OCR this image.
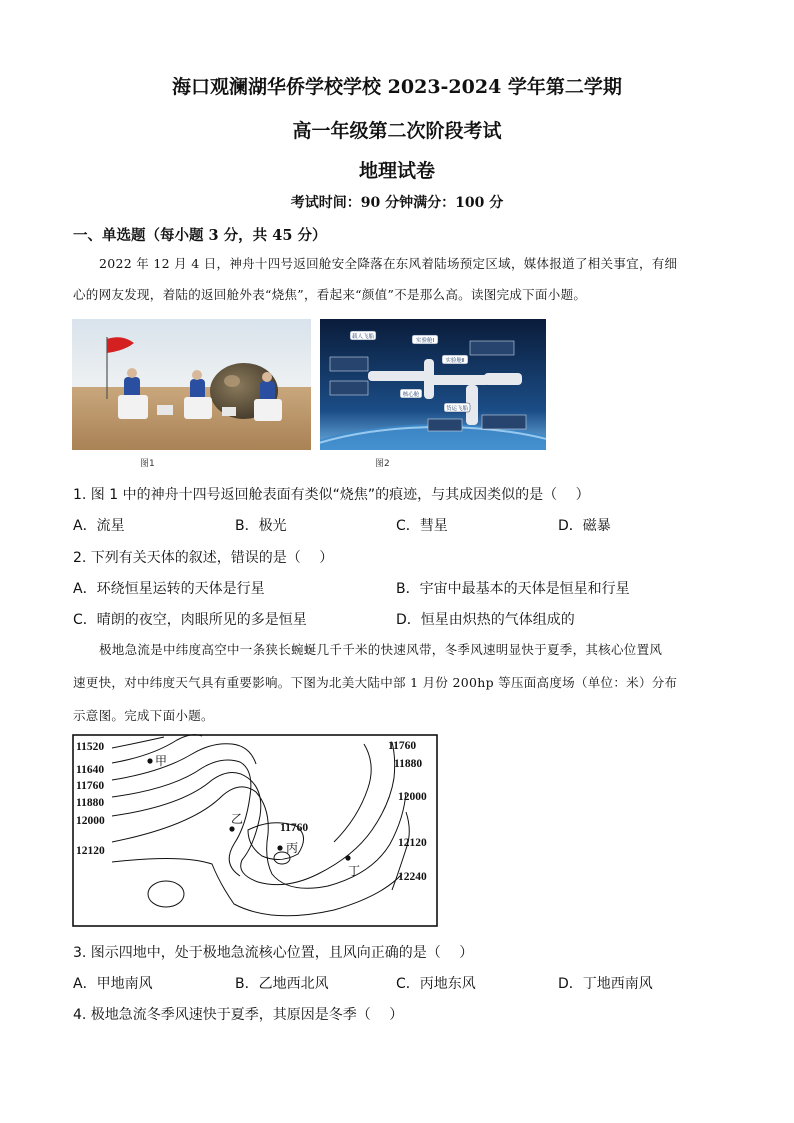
海口观澜湖华侨学校学校 2023-2024 学年第二学期
高一年级第二次阶段考试
地理试卷
考试时间：90 分钟满分：100 分
一、单选题（每小题 3 分，共 45 分）
2022 年 12 月 4 日，神舟十四号返回舱安全降落在东风着陆场预定区域，媒体报道了相关事宜，有细
心的网友发现，着陆的返回舱外表“烧焦”，看起来“颜值”不是那么高。读图完成下面小题。
图1
载人飞船
实验舱Ⅰ
实验舱Ⅱ
核心舱
货运飞船
图2
1. 图 1 中的神舟十四号返回舱表面有类似“烧焦”的痕迹，与其成因类似的是（　 ）
A．流星	B．极光	C．彗星	D．磁暴
2. 下列有关天体的叙述，错误的是（　 ）
A．环绕恒星运转的天体是行星	B．宇宙中最基本的天体是恒星和行星
C．晴朗的夜空，肉眼所见的多是恒星	D．恒星由炽热的气体组成的
极地急流是中纬度高空中一条狭长蜿蜒几千千米的快速风带，冬季风速明显快于夏季，其核心位置风
速更快，对中纬度天气具有重要影响。下图为北美大陆中部 1 月份 200hp 等压面高度场（单位：米）分布
示意图。完成下面小题。
11520
11640
11760
11880
12000
12120
11760
11880
12000
12120
12240
11760
甲
乙
丙
丁
3. 图示四地中，处于极地急流核心位置，且风向正确的是（　 ）
A．甲地南风	B．乙地西北风	C．丙地东风	D．丁地西南风
4. 极地急流冬季风速快于夏季，其原因是冬季（　 ）
